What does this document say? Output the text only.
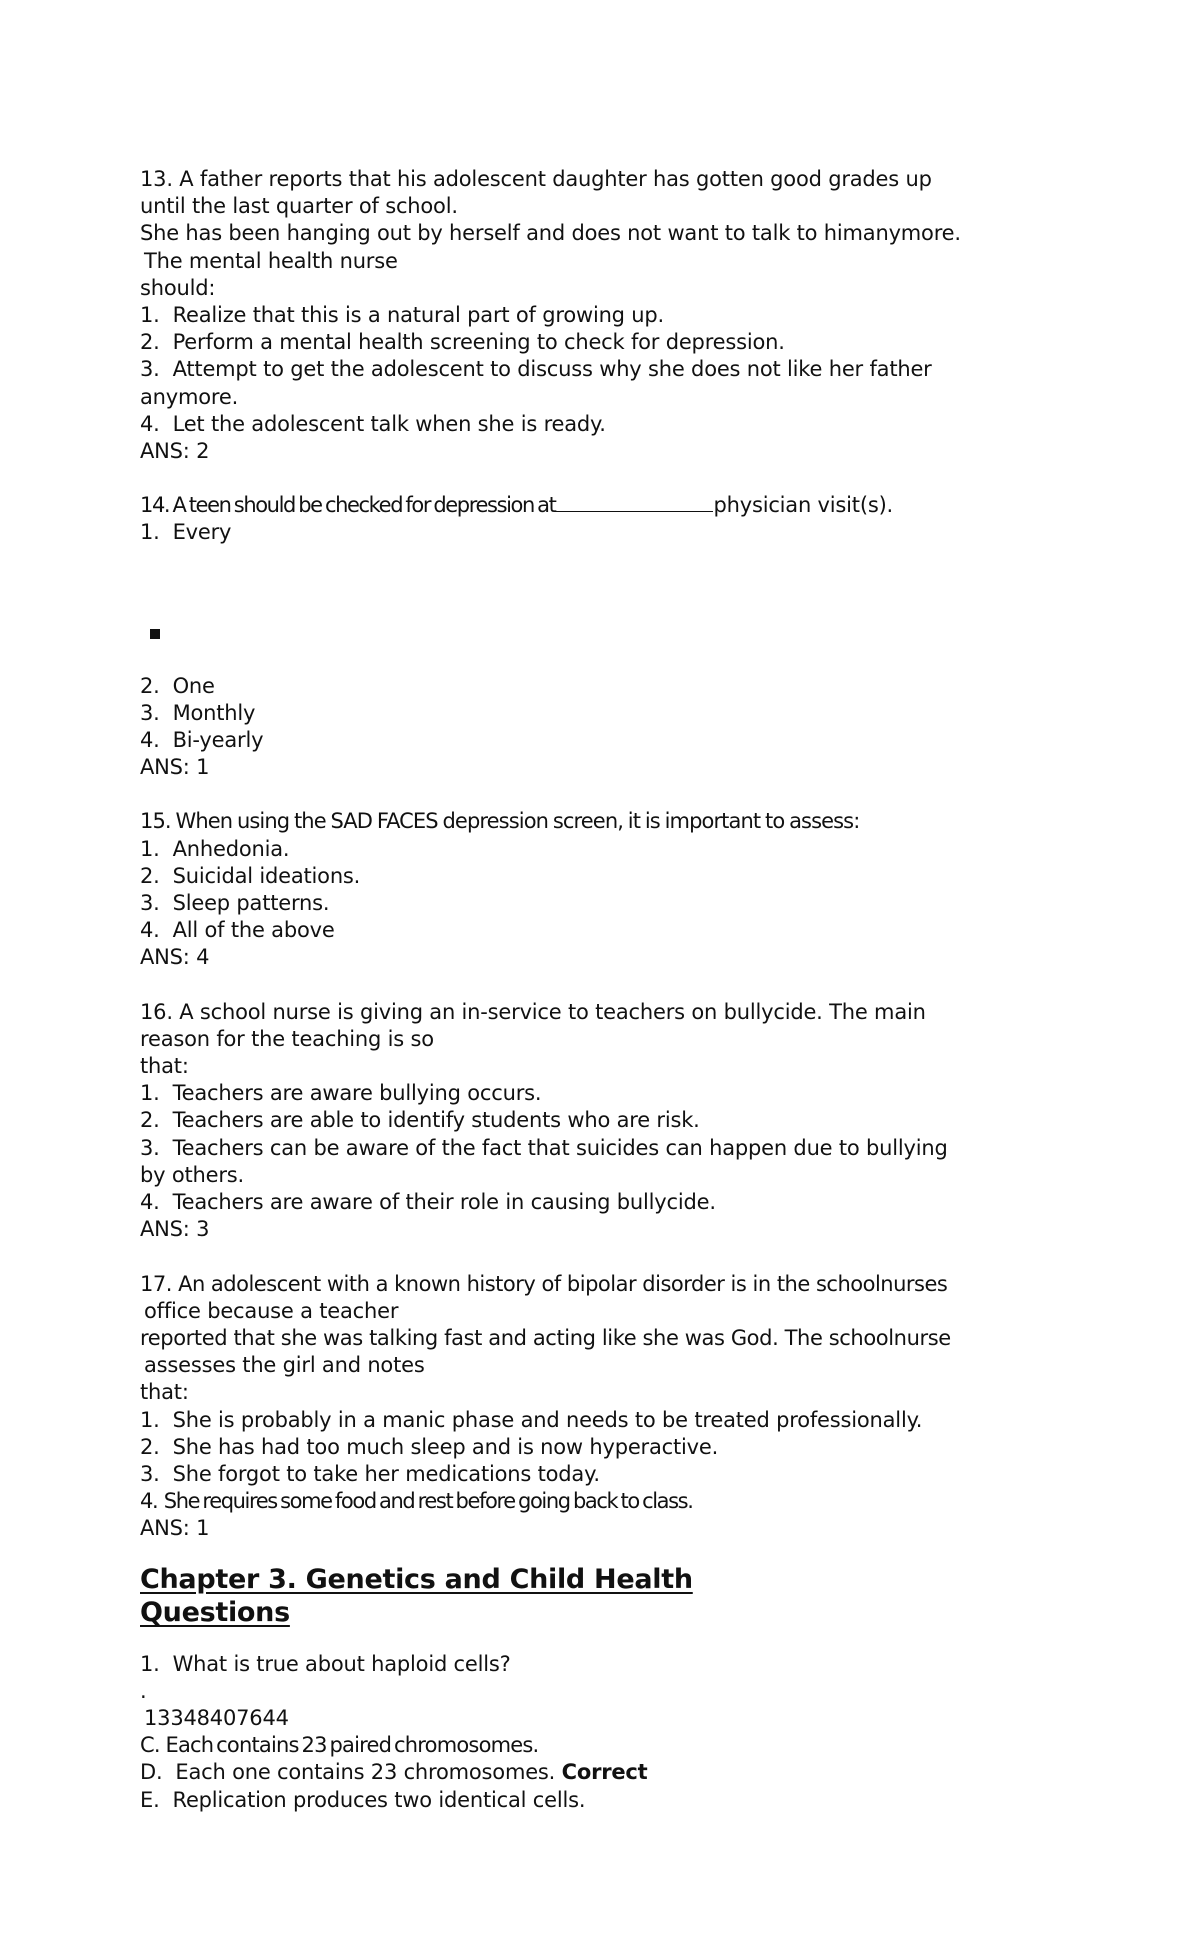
13. A father reports that his adolescent daughter has gotten good grades up
until the last quarter of school.
She has been hanging out by herself and does not want to talk to himanymore.
The mental health nurse
should:
1.  Realize that this is a natural part of growing up.
2.  Perform a mental health screening to check for depression.
3.  Attempt to get the adolescent to discuss why she does not like her father
anymore.
4.  Let the adolescent talk when she is ready.
ANS: 2
14. A teen should be checked for depression at	physician visit(s).
1.  Every
2.  One
3.  Monthly
4.  Bi-yearly
ANS: 1
15. When using the SAD FACES depression screen, it is important to assess:
1.  Anhedonia.
2.  Suicidal ideations.
3.  Sleep patterns.
4.  All of the above
ANS: 4
16. A school nurse is giving an in-service to teachers on bullycide. The main
reason for the teaching is so
that:
1.  Teachers are aware bullying occurs.
2.  Teachers are able to identify students who are risk.
3.  Teachers can be aware of the fact that suicides can happen due to bullying
by others.
4.  Teachers are aware of their role in causing bullycide.
ANS: 3
17. An adolescent with a known history of bipolar disorder is in the schoolnurses
office because a teacher
reported that she was talking fast and acting like she was God. The schoolnurse
assesses the girl and notes
that:
1.  She is probably in a manic phase and needs to be treated professionally.
2.  She has had too much sleep and is now hyperactive.
3.  She forgot to take her medications today.
4.  She requires some food and rest before going back to class.
ANS: 1
Chapter 3. Genetics and Child Health
Questions
1.  What is true about haploid cells?
.
13348407644
C.  Each contains 23 paired chromosomes.
D.  Each one contains 23 chromosomes. Correct
E.  Replication produces two identical cells.
